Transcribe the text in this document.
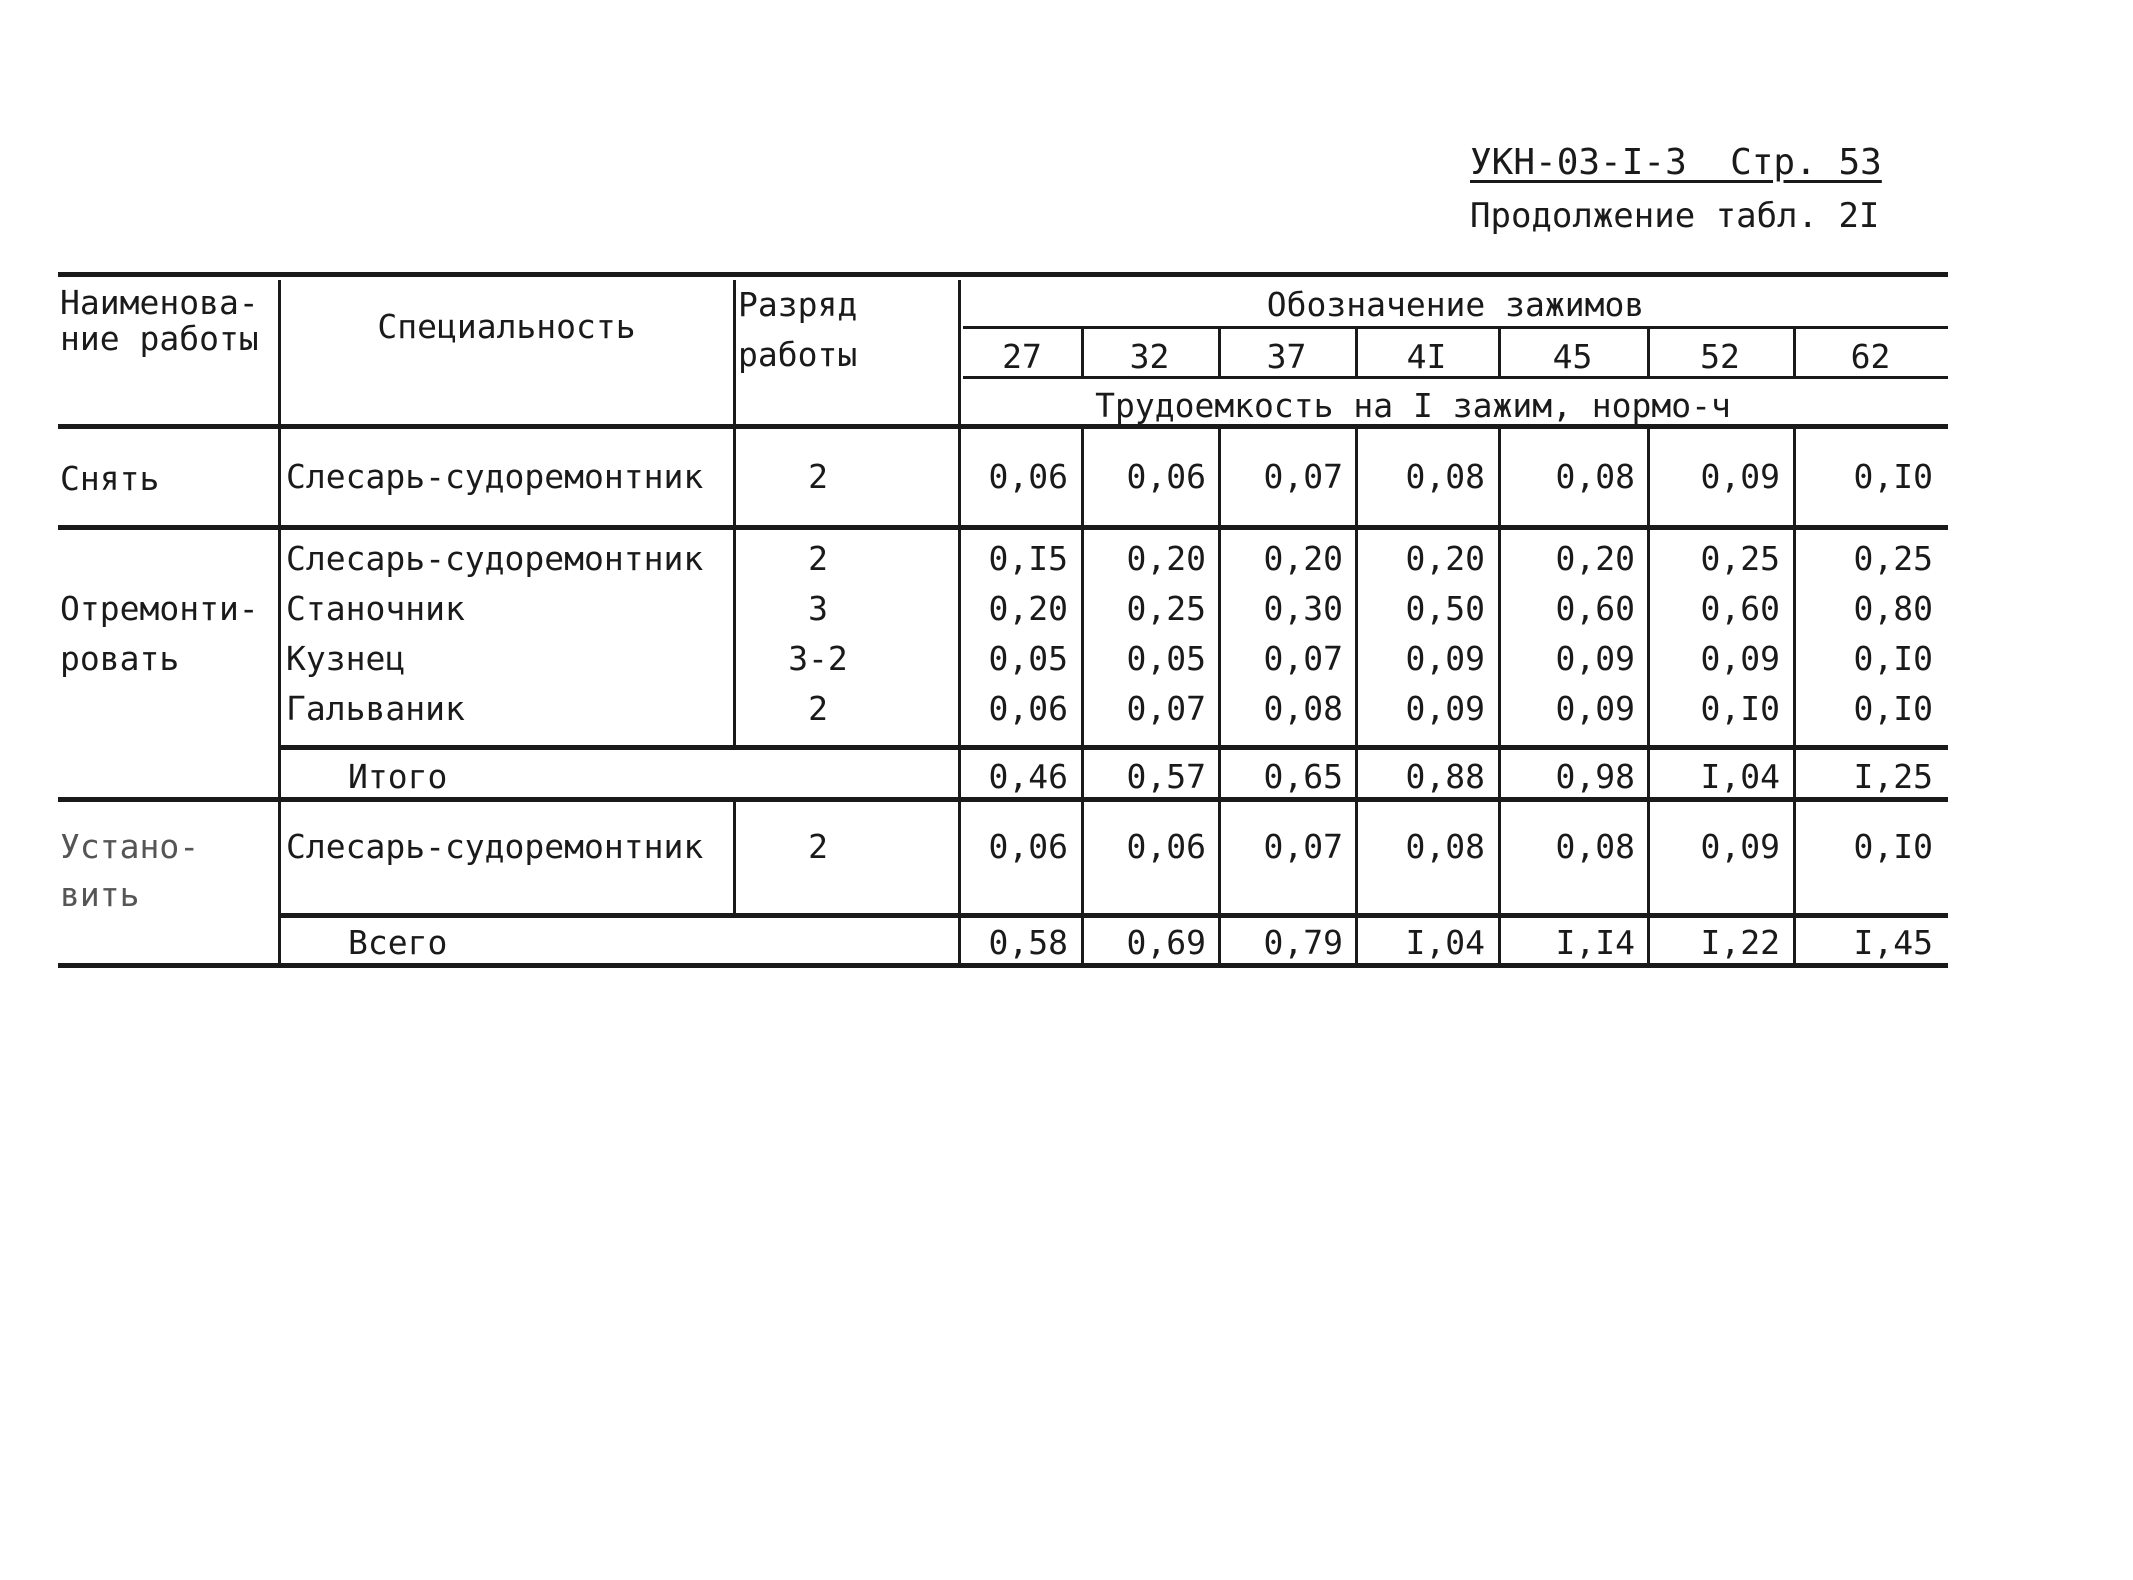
УКН-03-I-3  Стр. 53
Продолжение табл. 2I
Наименова-
ние работы	Специальность
Разряд
работы
Обозначение зажимов
27	32	37	4I	45	52	62
Трудоемкость на I зажим, нормо-ч
Снять	Слесарь-судоремонтник	2	0,06	0,06	0,07	0,08	0,08	0,09	0,I0
Отремонти-
ровать
Слесарь-судоремонтник	2	0,I5	0,20	0,20	0,20	0,20	0,25	0,25
Станочник	3	0,20	0,25	0,30	0,50	0,60	0,60	0,80
Кузнец	3-2	0,05	0,05	0,07	0,09	0,09	0,09	0,I0
Гальваник	2	0,06	0,07	0,08	0,09	0,09	0,I0	0,I0
Итого	0,46	0,57	0,65	0,88	0,98	I,04	I,25
Устано-
вить
Слесарь-судоремонтник	2	0,06	0,06	0,07	0,08	0,08	0,09	0,I0
Всего	0,58	0,69	0,79	I,04	I,I4	I,22	I,45
